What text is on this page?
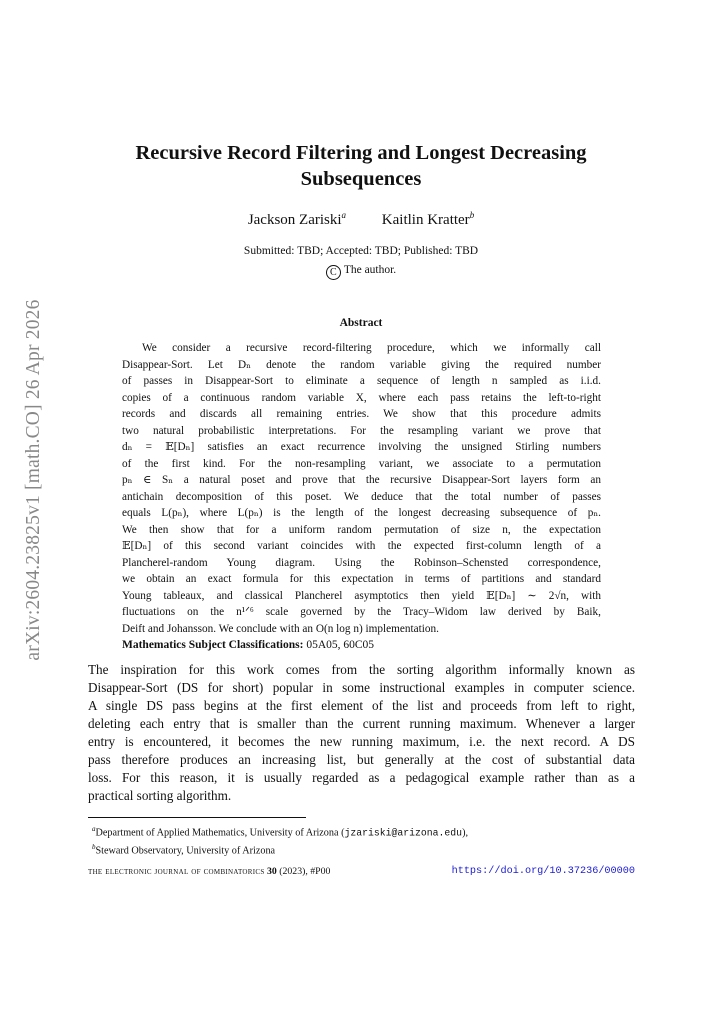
arXiv:2604.23825v1 [math.CO] 26 Apr 2026
Recursive Record Filtering and Longest Decreasing
Subsequences
Jackson Zariski$^a$ Kaitlin Kratter$^b$
Submitted: TBD; Accepted: TBD; Published: TBD
C The author.
Abstract
We consider a recursive record-filtering procedure, which we informally call
Disappear-Sort. Let Dₙ denote the random variable giving the required number
of passes in Disappear-Sort to eliminate a sequence of length n sampled as i.i.d.
copies of a continuous random variable X, where each pass retains the left-to-right
records and discards all remaining entries. We show that this procedure admits
two natural probabilistic interpretations. For the resampling variant we prove that
dₙ = 𝔼[Dₙ] satisfies an exact recurrence involving the unsigned Stirling numbers
of the first kind. For the non-resampling variant, we associate to a permutation
pₙ ∈ Sₙ a natural poset and prove that the recursive Disappear-Sort layers form an
antichain decomposition of this poset. We deduce that the total number of passes
equals L(pₙ), where L(pₙ) is the length of the longest decreasing subsequence of pₙ.
We then show that for a uniform random permutation of size n, the expectation
𝔼[Dₙ] of this second variant coincides with the expected first-column length of a
Plancherel-random Young diagram. Using the Robinson–Schensted correspondence,
we obtain an exact formula for this expectation in terms of partitions and standard
Young tableaux, and classical Plancherel asymptotics then yield 𝔼[Dₙ] ∼ 2√n, with
fluctuations on the n¹ᐟ⁶ scale governed by the Tracy–Widom law derived by Baik,
Deift and Johansson. We conclude with an O(n log n) implementation.
Mathematics Subject Classifications: 05A05, 60C05
The inspiration for this work comes from the sorting algorithm informally known as
Disappear-Sort (DS for short) popular in some instructional examples in computer science.
A single DS pass begins at the first element of the list and proceeds from left to right,
deleting each entry that is smaller than the current running maximum. Whenever a larger
entry is encountered, it becomes the new running maximum, i.e. the next record. A DS
pass therefore produces an increasing list, but generally at the cost of substantial data
loss. For this reason, it is usually regarded as a pedagogical example rather than as a
practical sorting algorithm.
$^a$Department of Applied Mathematics, University of Arizona (jzariski@arizona.edu),
$^b$Steward Observatory, University of Arizona
the electronic journal of combinatorics 30 (2023), #P00	https://doi.org/10.37236/00000
